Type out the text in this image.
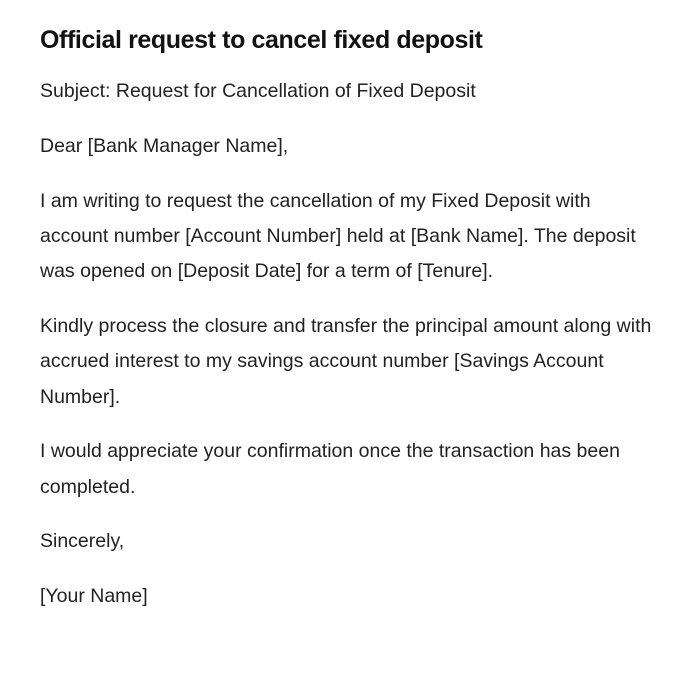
Official request to cancel fixed deposit

Subject: Request for Cancellation of Fixed Deposit

Dear [Bank Manager Name],

I am writing to request the cancellation of my Fixed Deposit with account number [Account Number] held at [Bank Name]. The deposit was opened on [Deposit Date] for a term of [Tenure].

Kindly process the closure and transfer the principal amount along with accrued interest to my savings account number [Savings Account Number].

I would appreciate your confirmation once the transaction has been completed.

Sincerely,

[Your Name]
